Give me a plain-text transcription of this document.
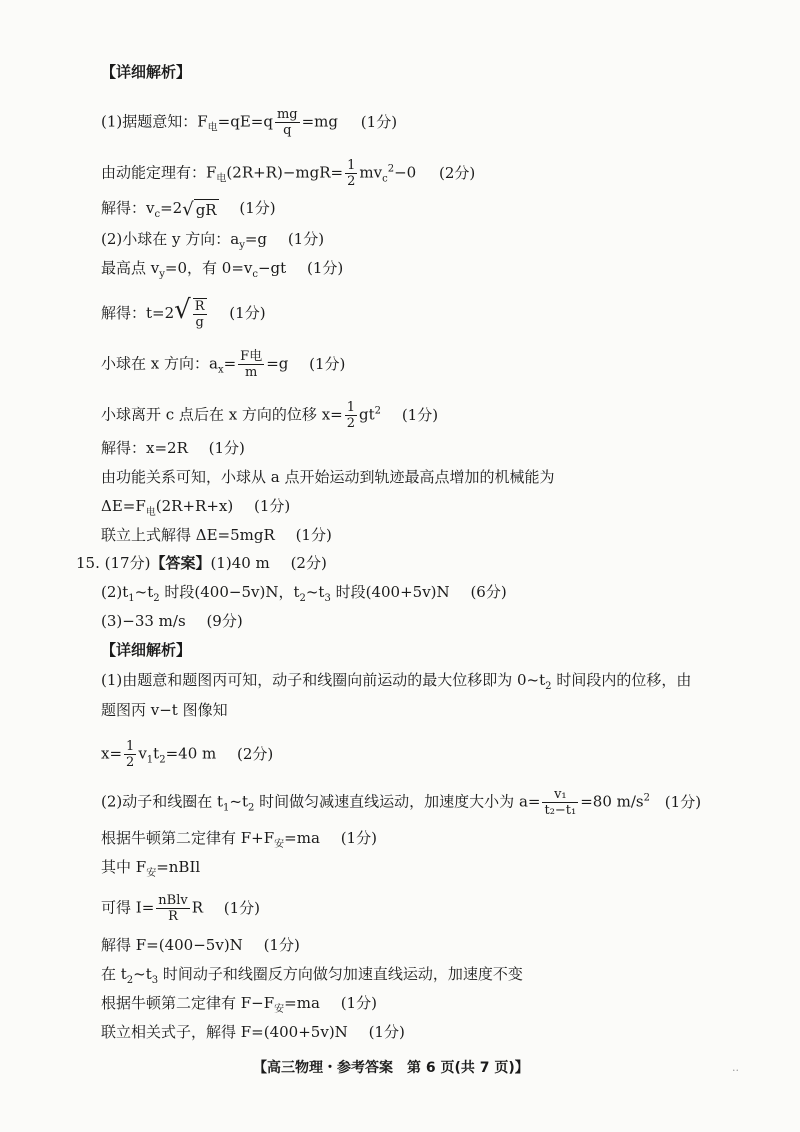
【详细解析】
(1)据题意知：$F_电=qE=q \frac{mg}{q} =mg$ (1分)
由动能定理有：$F_电(2R+R)-mgR= \frac{1}{2} mv_c^2-0$ (2分)
解得：$v_c=2√$ gR (1分)
(2)小球在 y 方向：$a_y=g$ (1分)
最高点 $v_y=0$，有 $0=v_c-gt$ (1分)
解得：$t=2√ \frac{R}{g} (1$分)
小球在 x 方向：$a_x= \frac{\text{F电}}{m} =g$ (1分)
小球离开 c 点后在 x 方向的位移 $x= \frac{1}{2} gt^2$ (1分)
解得：x=2R (1分)
由功能关系可知，小球从 a 点开始运动到轨迹最高点增加的机械能为
$\Delta E=F_电(2R+R+x)$ (1分)
联立上式解得 ΔE=5mgR (1分)
15. (17分)【答案】(1)40 m (2分)
$(2)t_1\sim t_2$ 时段(400−5v)N，$t_2\sim t_3$ 时段(400+5v)N (6分)
(3)−33 m/s (9分)
【详细解析】
(1)由题意和题图丙可知，动子和线圈向前运动的最大位移即为 $0\sim t_2$ 时间段内的位移，由
题图丙 v−t 图像知
$x= \frac{1}{2} v_1t_2=40$ m (2分)
(2)动子和线圈在 $t_1\sim t_2$ 时间做匀减速直线运动，加速度大小为 $a= \frac{\text{v₁}}{\text{t₂−t₁}} =80$ $m/s^2$ (1分)
根据牛顿第二定律有 $F+F_安=ma$ (1分)
其中 $F_安=nBIl$
可得 $I= \frac{\text{nBlv}}{R}$ R (1分)
解得 F=(400−5v)N (1分)
在 $t_2\sim t_3$ 时间动子和线圈反方向做匀加速直线运动，加速度不变
根据牛顿第二定律有 $F-F_安=ma$ (1分)
联立相关式子，解得 F=(400+5v)N (1分)
【高三物理・参考答案　第 6 页(共 7 页)】	..
